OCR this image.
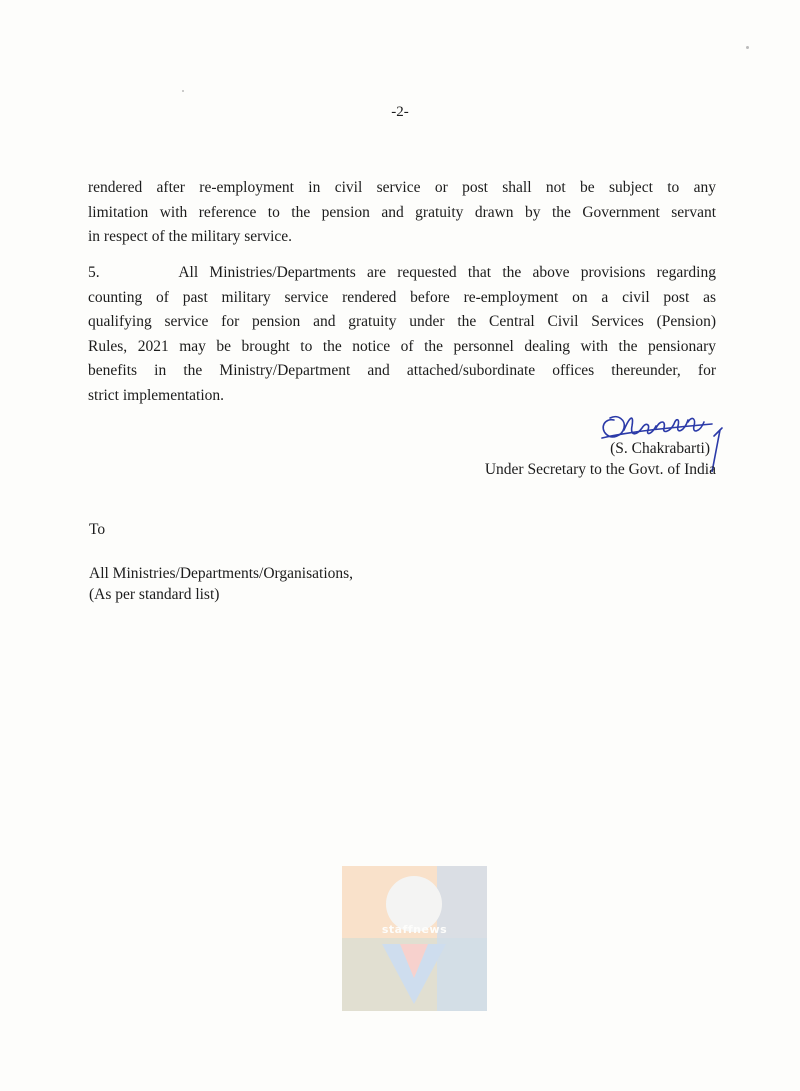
-2-
rendered after re-employment in civil service or post shall not be subject to any
limitation with reference to the pension and gratuity drawn by the Government servant
in respect of the military service.
5.       All Ministries/Departments are requested that the above provisions regarding
counting of past military service rendered before re-employment on a civil post as
qualifying service for pension and gratuity under the Central Civil Services (Pension)
Rules, 2021 may be brought to the notice of the personnel dealing with the pensionary
benefits in the Ministry/Department and attached/subordinate offices thereunder, for
strict implementation.
(S. Chakrabarti)
Under Secretary to the Govt. of India
To
All Ministries/Departments/Organisations,
(As per standard list)
staffnews
